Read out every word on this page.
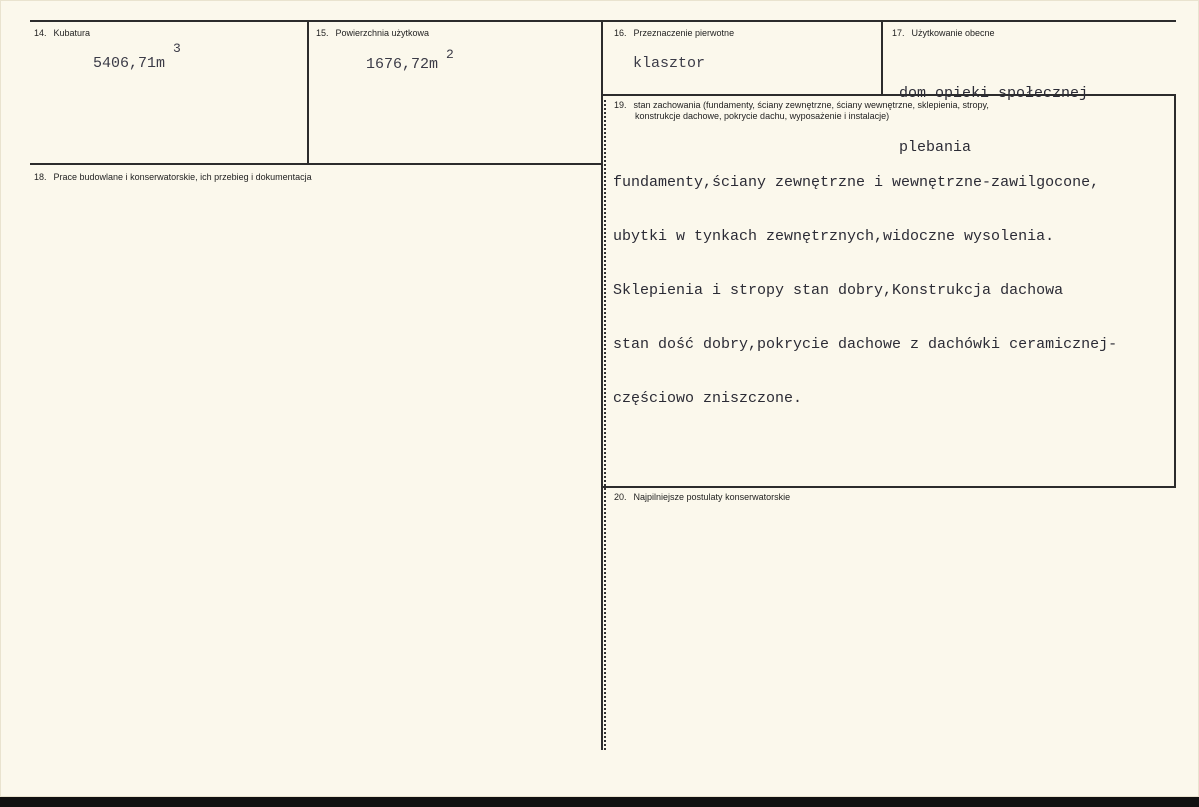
14. Kubatura
5406,71m
3
15. Powierzchnia użytkowa
1676,72m
2
16. Przeznaczenie pierwotne
klasztor
17. Użytkowanie obecne

dom opieki społecznej

plebania

18. Prace budowlane i konserwatorskie, ich przebieg i dokumentacja
19. stan zachowania (fundamenty, ściany zewnętrzne, ściany wewnętrzne, sklepienia, stropy,
konstrukcje dachowe, pokrycie dachu, wyposażenie i instalacje)

fundamenty,ściany zewnętrzne i wewnętrzne-zawilgocone,

ubytki w tynkach zewnętrznych,widoczne wysolenia.

Sklepienia i stropy stan dobry,Konstrukcja dachowa

stan dość dobry,pokrycie dachowe z dachówki ceramicznej-

częściowo zniszczone.

20. Najpilniejsze postulaty konserwatorskie
